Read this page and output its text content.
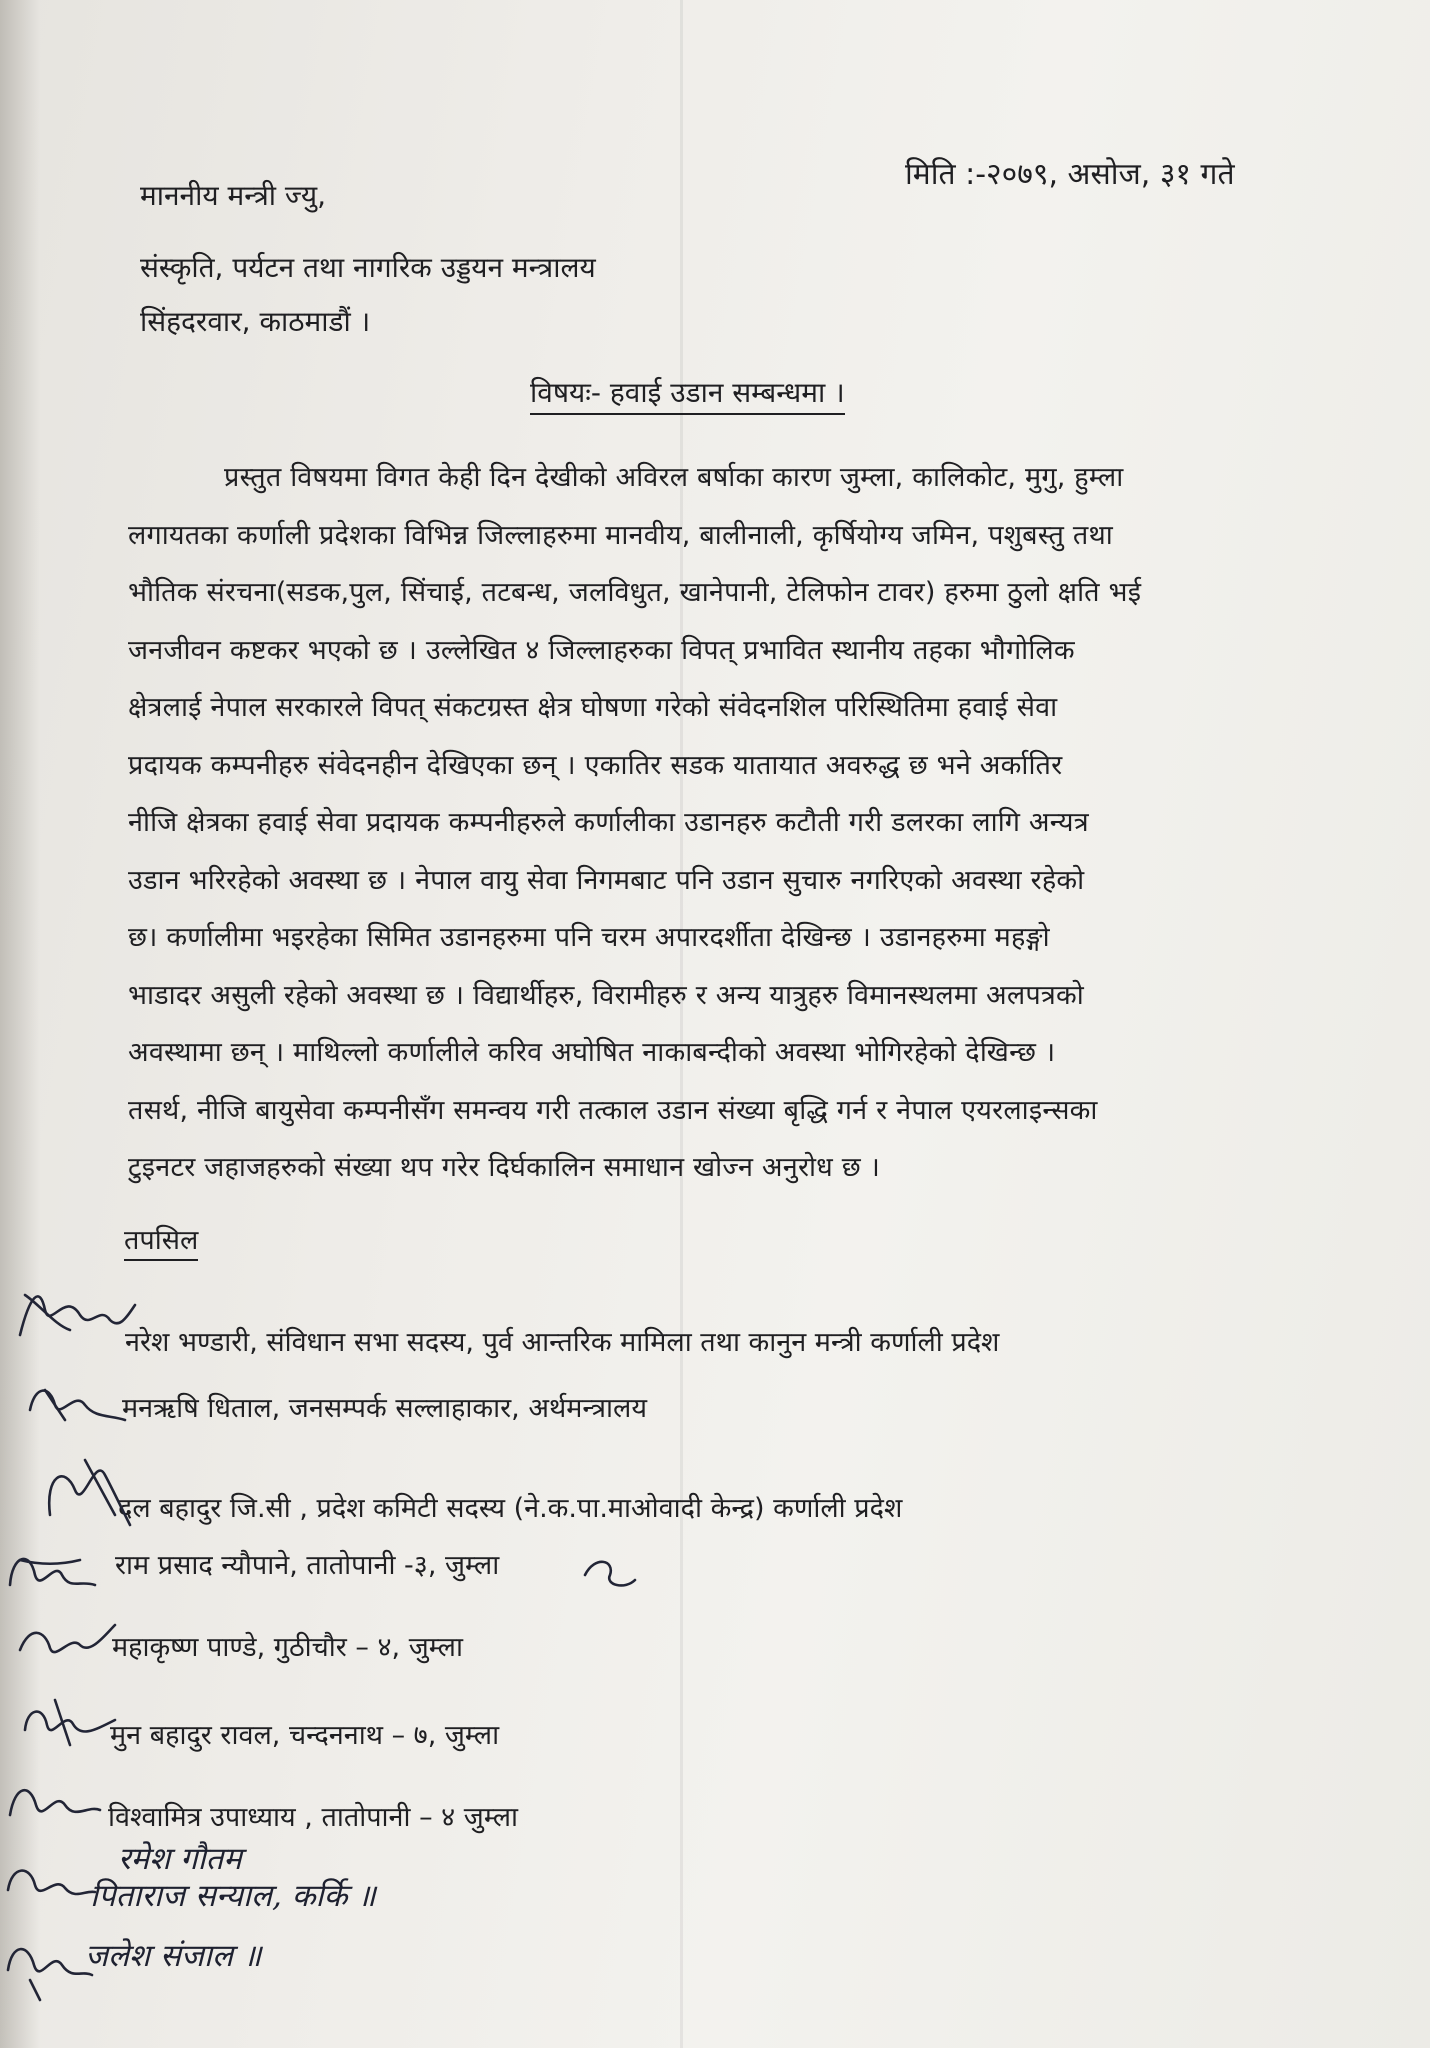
मिति :-२०७९, असोज, ३१ गते
माननीय मन्त्री ज्यु,
संस्कृति, पर्यटन तथा नागरिक उड्डयन मन्त्रालय
सिंहदरवार, काठमाडौं ।
विषयः- हवाई उडान सम्बन्धमा ।
प्रस्तुत विषयमा विगत केही दिन देखीको अविरल बर्षाका कारण जुम्ला, कालिकोट, मुगु, हुम्ला
लगायतका कर्णाली प्रदेशका विभिन्न जिल्लाहरुमा मानवीय, बालीनाली, कृर्षियोग्य जमिन, पशुबस्तु तथा
भौतिक संरचना(सडक,पुल, सिंचाई, तटबन्ध, जलविधुत, खानेपानी, टेलिफोन टावर) हरुमा ठुलो क्षति भई
जनजीवन कष्टकर भएको छ । उल्लेखित ४ जिल्लाहरुका विपत् प्रभावित स्थानीय तहका भौगोलिक
क्षेत्रलाई नेपाल सरकारले विपत् संकटग्रस्त क्षेत्र घोषणा गरेको संवेदनशिल परिस्थितिमा हवाई सेवा
प्रदायक कम्पनीहरु संवेदनहीन देखिएका छन् । एकातिर सडक यातायात अवरुद्ध छ भने अर्कातिर
नीजि क्षेत्रका हवाई सेवा प्रदायक कम्पनीहरुले कर्णालीका उडानहरु कटौती गरी डलरका लागि अन्यत्र
उडान भरिरहेको अवस्था छ । नेपाल वायु सेवा निगमबाट पनि उडान सुचारु नगरिएको अवस्था रहेको
छ। कर्णालीमा भइरहेका सिमित उडानहरुमा पनि चरम अपारदर्शीता देखिन्छ । उडानहरुमा महङ्गो
भाडादर असुली रहेको अवस्था छ । विद्यार्थीहरु, विरामीहरु र अन्य यात्रुहरु विमानस्थलमा अलपत्रको
अवस्थामा छन् । माथिल्लो कर्णालीले करिव अघोषित नाकाबन्दीको अवस्था भोगिरहेको देखिन्छ ।
तसर्थ, नीजि बायुसेवा कम्पनीसँग समन्वय गरी तत्काल उडान संख्या बृद्धि गर्न र नेपाल एयरलाइन्सका
टुइनटर जहाजहरुको संख्या थप गरेर दिर्घकालिन समाधान खोज्न अनुरोध छ ।
तपसिल
नरेश भण्डारी, संविधान सभा सदस्य, पुर्व आन्तरिक मामिला तथा कानुन मन्त्री कर्णाली प्रदेश
मनऋषि धिताल, जनसम्पर्क सल्लाहाकार, अर्थमन्त्रालय
दल बहादुर जि.सी , प्रदेश कमिटी सदस्य (ने.क.पा.माओवादी केन्द्र) कर्णाली प्रदेश
राम प्रसाद न्यौपाने, तातोपानी -३, जुम्ला
महाकृष्ण पाण्डे, गुठीचौर – ४, जुम्ला
मुन बहादुर रावल, चन्दननाथ – ७, जुम्ला
विश्वामित्र उपाध्याय , तातोपानी – ४ जुम्ला
रमेश गौतम
पिताराज सन्याल, कर्कि ॥
जलेश संजाल ॥
